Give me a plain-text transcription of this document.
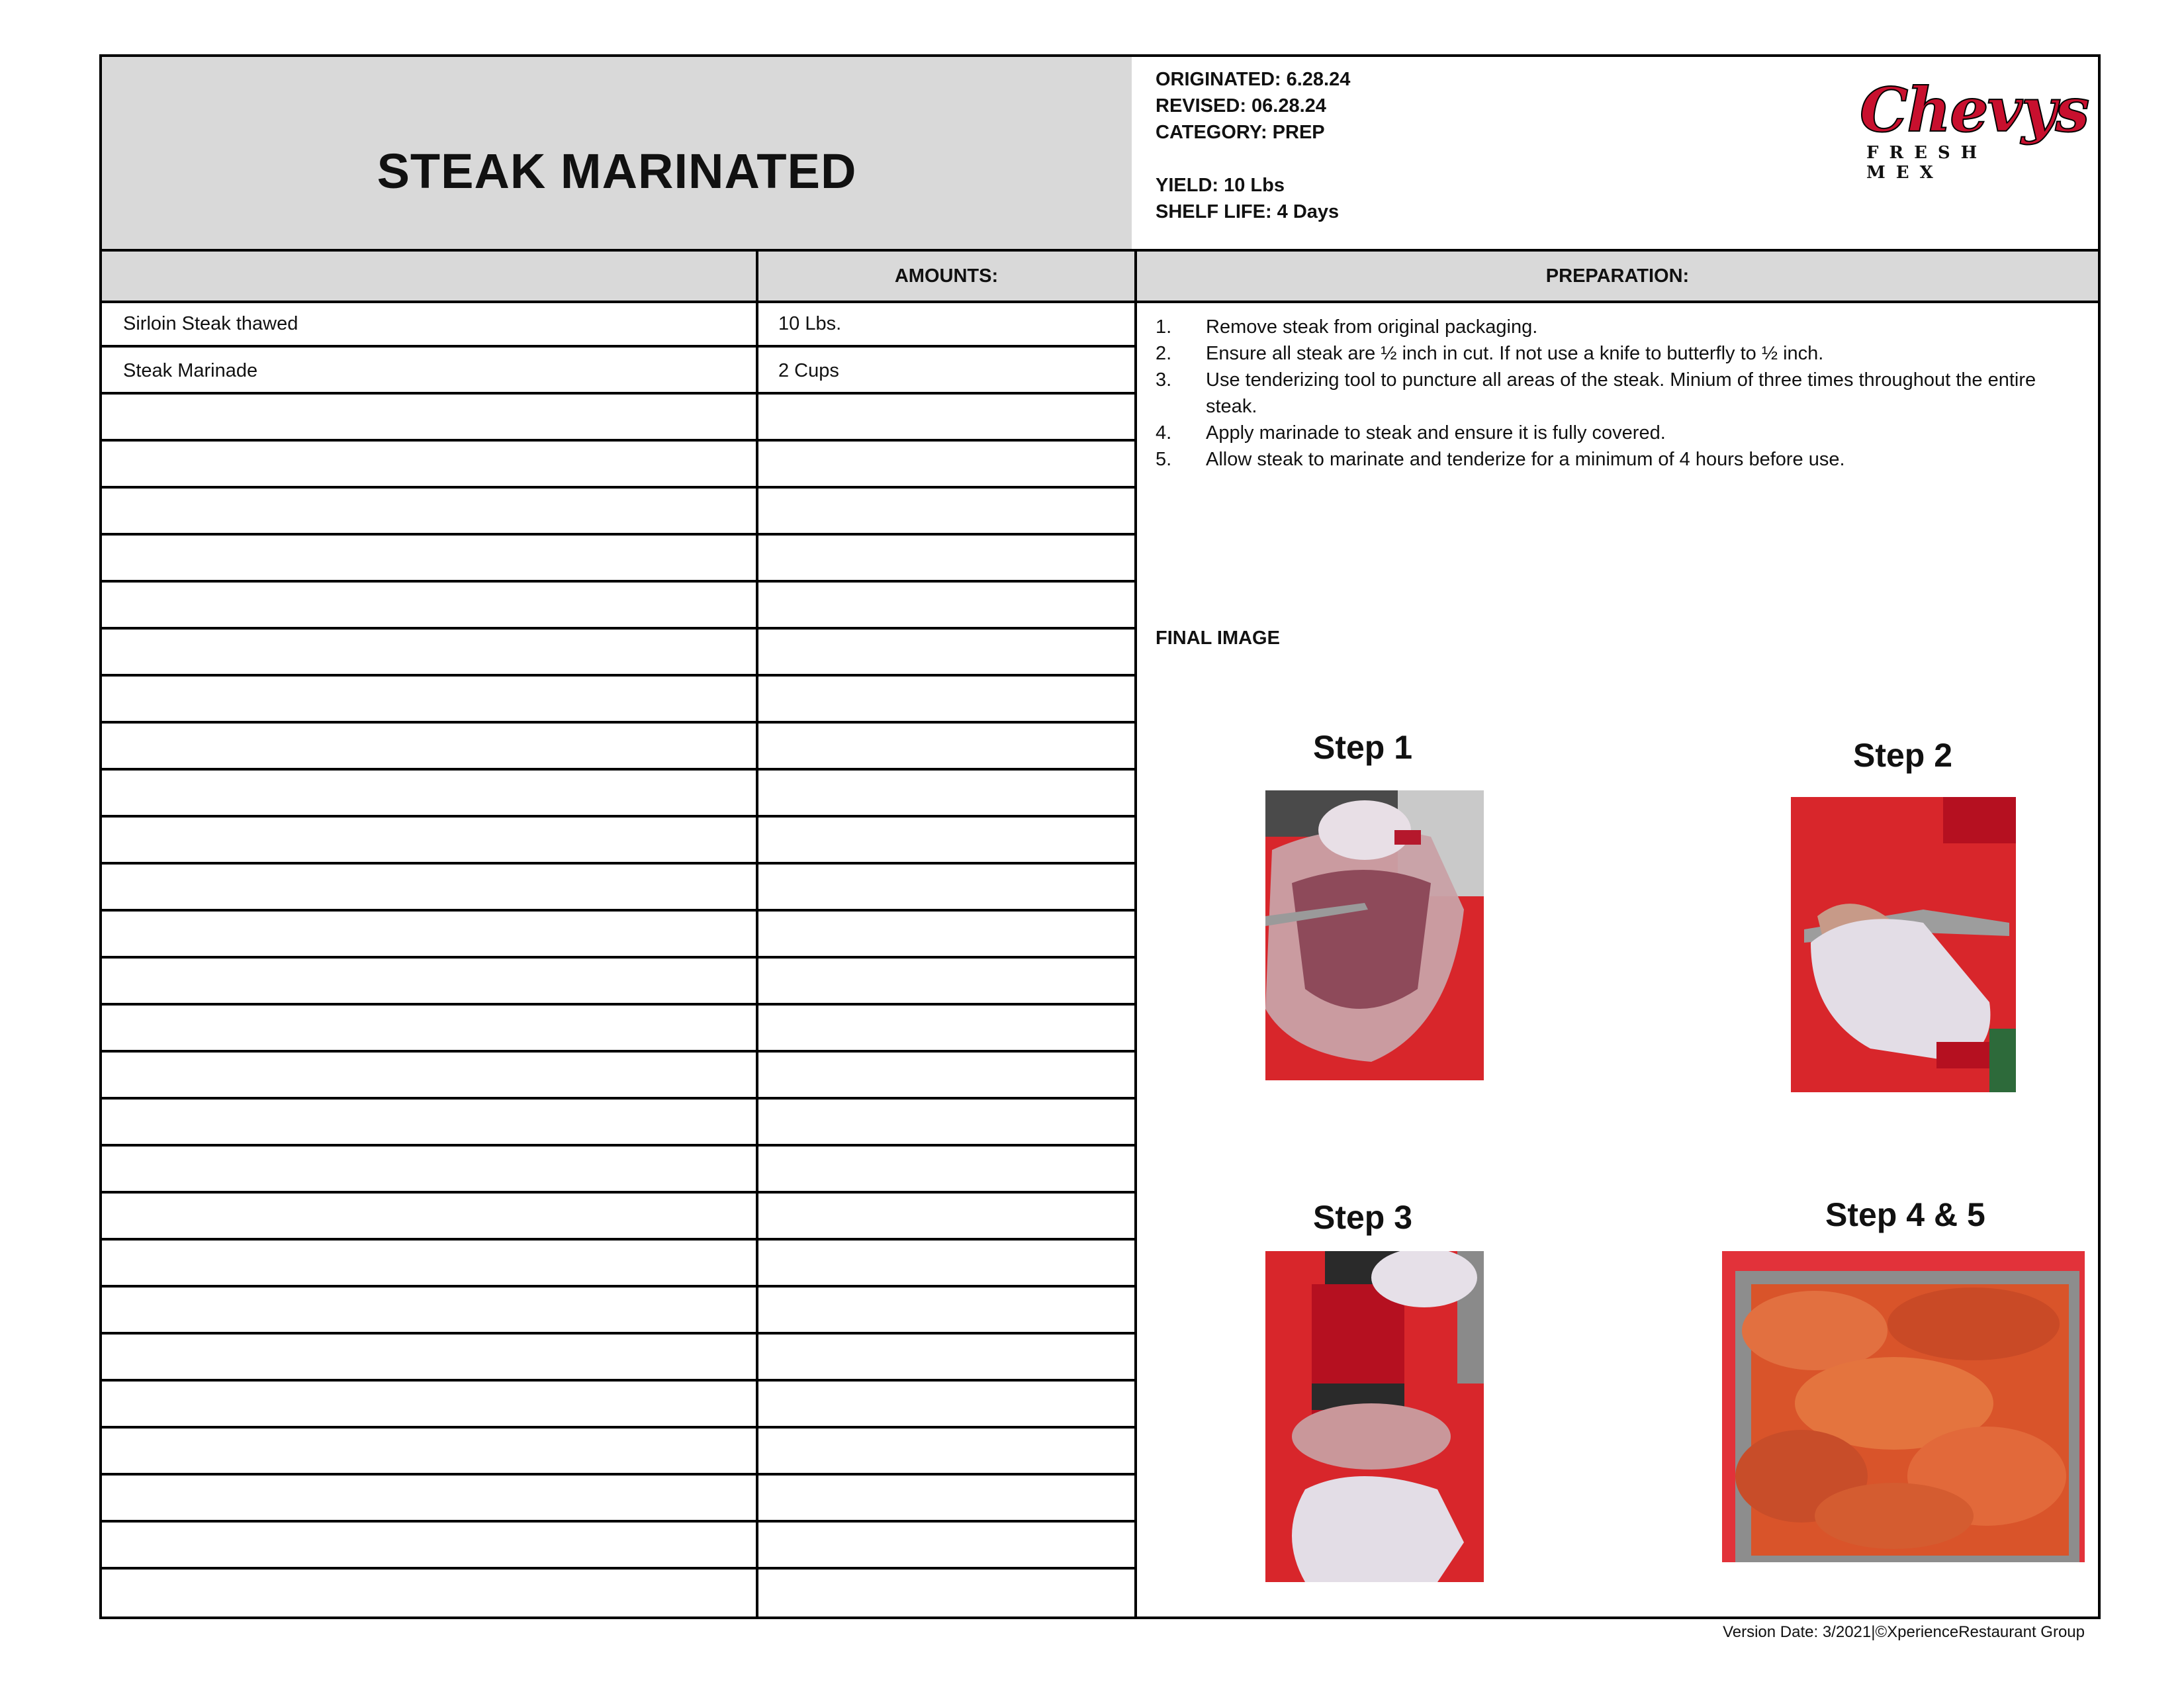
STEAK MARINATED
ORIGINATED: 6.28.24
REVISED: 06.28.24
CATEGORY: PREP
YIELD: 10 Lbs
SHELF LIFE: 4 Days
Chevys
FRESH MEX
AMOUNTS:	PREPARATION:
Sirloin Steak thawed	10 Lbs.
Steak Marinade	2 Cups
1.	Remove steak from original packaging.
2.	Ensure all steak are ½ inch in cut. If not use a knife to butterfly to ½ inch.
3.	Use tenderizing tool to puncture all areas of the steak. Minium of three times throughout the entire steak.
4.	Apply marinade to steak and ensure it is fully covered.
5.	Allow steak to marinate and tenderize for a minimum of 4 hours before use.
FINAL IMAGE
Step 1	Step 2
Step 3	Step 4 & 5
Version Date: 3/2021|©XperienceRestaurant Group
